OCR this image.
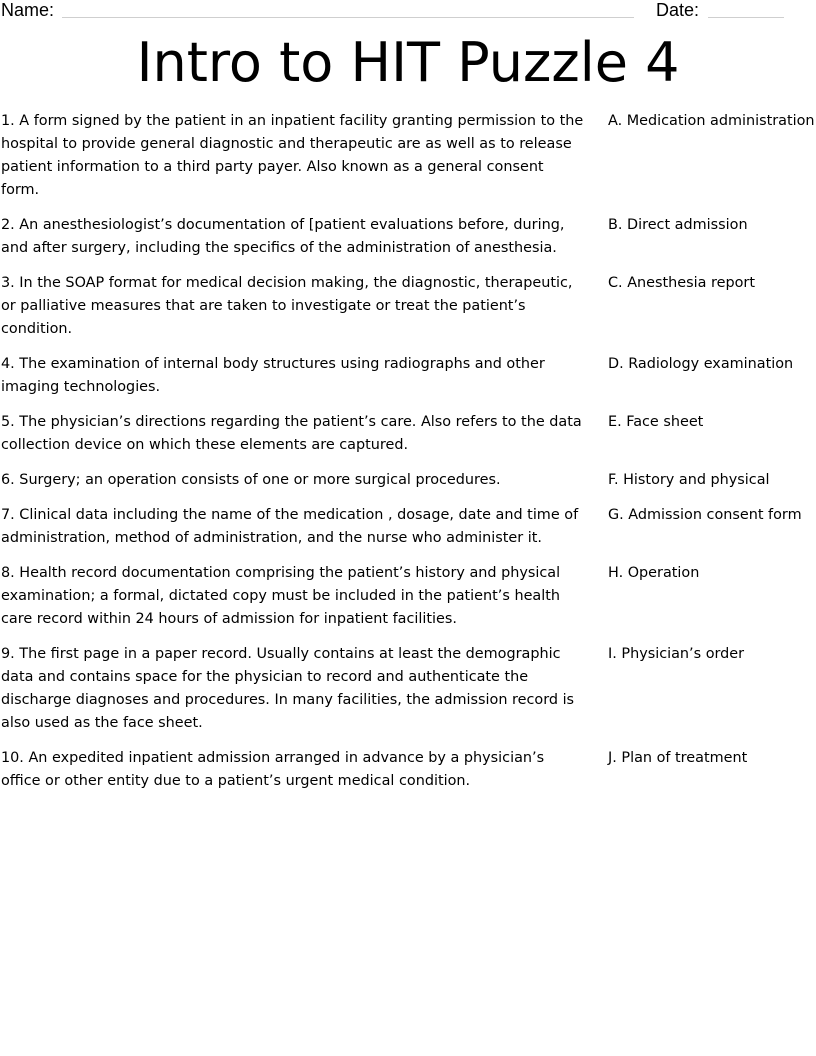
Name:	Date:
Intro to HIT Puzzle 4
1. A form signed by the patient in an inpatient facility granting permission to the hospital to provide general diagnostic and therapeutic are as well as to release patient information to a third party payer. Also known as a general consent form.
A. Medication administration
2. An anesthesiologist’s documentation of [patient evaluations before, during, and after surgery, including the specifics of the administration of anesthesia.
B. Direct admission
3. In the SOAP format for medical decision making, the diagnostic, therapeutic, or palliative measures that are taken to investigate or treat the patient’s condition.
C. Anesthesia report
4. The examination of internal body structures using radiographs and other imaging technologies.
D. Radiology examination
5. The physician’s directions regarding the patient’s care. Also refers to the data collection device on which these elements are captured.
E. Face sheet
6. Surgery; an operation consists of one or more surgical procedures.	F. History and physical
7. Clinical data including the name of the medication , dosage, date and time of administration, method of administration, and the nurse who administer it.
G. Admission consent form
8. Health record documentation comprising the patient’s history and physical examination; a formal, dictated copy must be included in the patient’s health care record within 24 hours of admission for inpatient facilities.
H. Operation
9. The first page in a paper record. Usually contains at least the demographic data and contains space for the physician to record and authenticate the discharge diagnoses and procedures. In many facilities, the admission record is also used as the face sheet.
I. Physician’s order
10. An expedited inpatient admission arranged in advance by a physician’s office or other entity due to a patient’s urgent medical condition.
J. Plan of treatment
